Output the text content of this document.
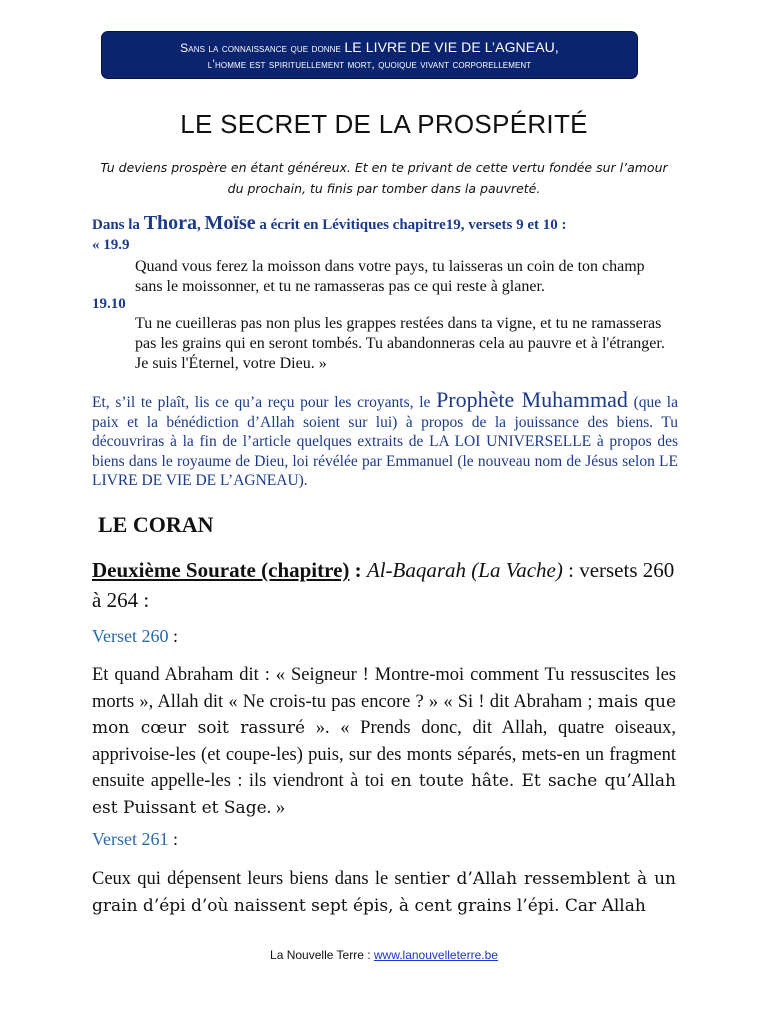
Sans la connaissance que donne LE LIVRE DE VIE DE L’AGNEAU,
l’homme est spirituellement mort, quoique vivant corporellement
LE SECRET DE LA PROSPÉRITÉ
Tu deviens prospère en étant généreux. Et en te privant de cette vertu fondée sur l’amour du prochain, tu finis par tomber dans la pauvreté.
Dans la Thora, Moïse a écrit en Lévitiques chapitre19, versets 9 et 10 :
« 19.9
Quand vous ferez la moisson dans votre pays, tu laisseras un coin de ton champ sans le moissonner, et tu ne ramasseras pas ce qui reste à glaner.
19.10
Tu ne cueilleras pas non plus les grappes restées dans ta vigne, et tu ne ramasseras pas les grains qui en seront tombés. Tu abandonneras cela au pauvre et à l'étranger. Je suis l'Éternel, votre Dieu. »
Et, s’il te plaît, lis ce qu’a reçu pour les croyants, le Prophète Muhammad (que la paix et la bénédiction d’Allah soient sur lui) à propos de la jouissance des biens. Tu découvriras à la fin de l’article quelques extraits de LA LOI UNIVERSELLE à propos des biens dans le royaume de Dieu, loi révélée par Emmanuel (le nouveau nom de Jésus selon LE LIVRE DE VIE DE L’AGNEAU).
LE CORAN
Deuxième Sourate (chapitre) : Al-Baqarah (La Vache) : versets 260 à 264 :
Verset 260 :
Et quand Abraham dit : « Seigneur ! Montre-moi comment Tu ressuscites les morts », Allah dit « Ne crois-tu pas encore ? » « Si ! dit Abraham ; mais que mon cœur soit rassuré ». « Prends donc, dit Allah, quatre oiseaux, apprivoise-les (et coupe-les) puis, sur des monts séparés, mets-en un fragment ensuite appelle-les : ils viendront à toi en toute hâte. Et sache qu’Allah est Puissant et Sage. »
Verset 261 :
Ceux qui dépensent leurs biens dans le sentier d’Allah ressemblent à un grain d’épi d’où naissent sept épis, à cent grains l’épi. Car Allah
La Nouvelle Terre : www.lanouvelleterre.be
